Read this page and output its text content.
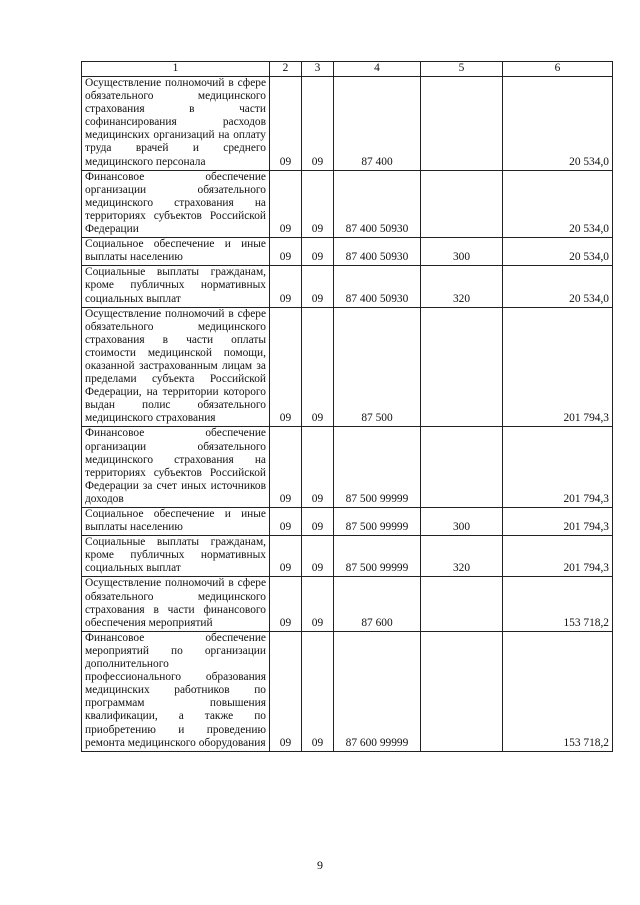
1	2	3	4	5	6
Осуществление полномочий в сфере обязательного медицинского страхования в части софинансирования расходов медицинских организаций на оплату труда врачей и среднего медицинского персонала	09	09	87 400		20 534,0
Финансовое обеспечение организации обязательного медицинского страхования на территориях субъектов Российской Федерации	09	09	87 400 50930		20 534,0
Социальное обеспечение и иные выплаты населению	09	09	87 400 50930	300	20 534,0
Социальные выплаты гражданам, кроме публичных нормативных социальных выплат	09	09	87 400 50930	320	20 534,0
Осуществление полномочий в сфере обязательного медицинского страхования в части оплаты стоимости медицинской помощи, оказанной застрахованным лицам за пределами субъекта Российской Федерации, на территории которого выдан полис обязательного медицинского страхования	09	09	87 500		201 794,3
Финансовое обеспечение организации обязательного медицинского страхования на территориях субъектов Российской Федерации за счет иных источников доходов	09	09	87 500 99999		201 794,3
Социальное обеспечение и иные выплаты населению	09	09	87 500 99999	300	201 794,3
Социальные выплаты гражданам, кроме публичных нормативных социальных выплат	09	09	87 500 99999	320	201 794,3
Осуществление полномочий в сфере обязательного медицинского страхования в части финансового обеспечения мероприятий	09	09	87 600		153 718,2
Финансовое обеспечение мероприятий по организации дополнительного профессионального образования медицинских работников по программам повышения квалификации, а также по приобретению и проведению ремонта медицинского оборудования	09	09	87 600 99999		153 718,2
9
